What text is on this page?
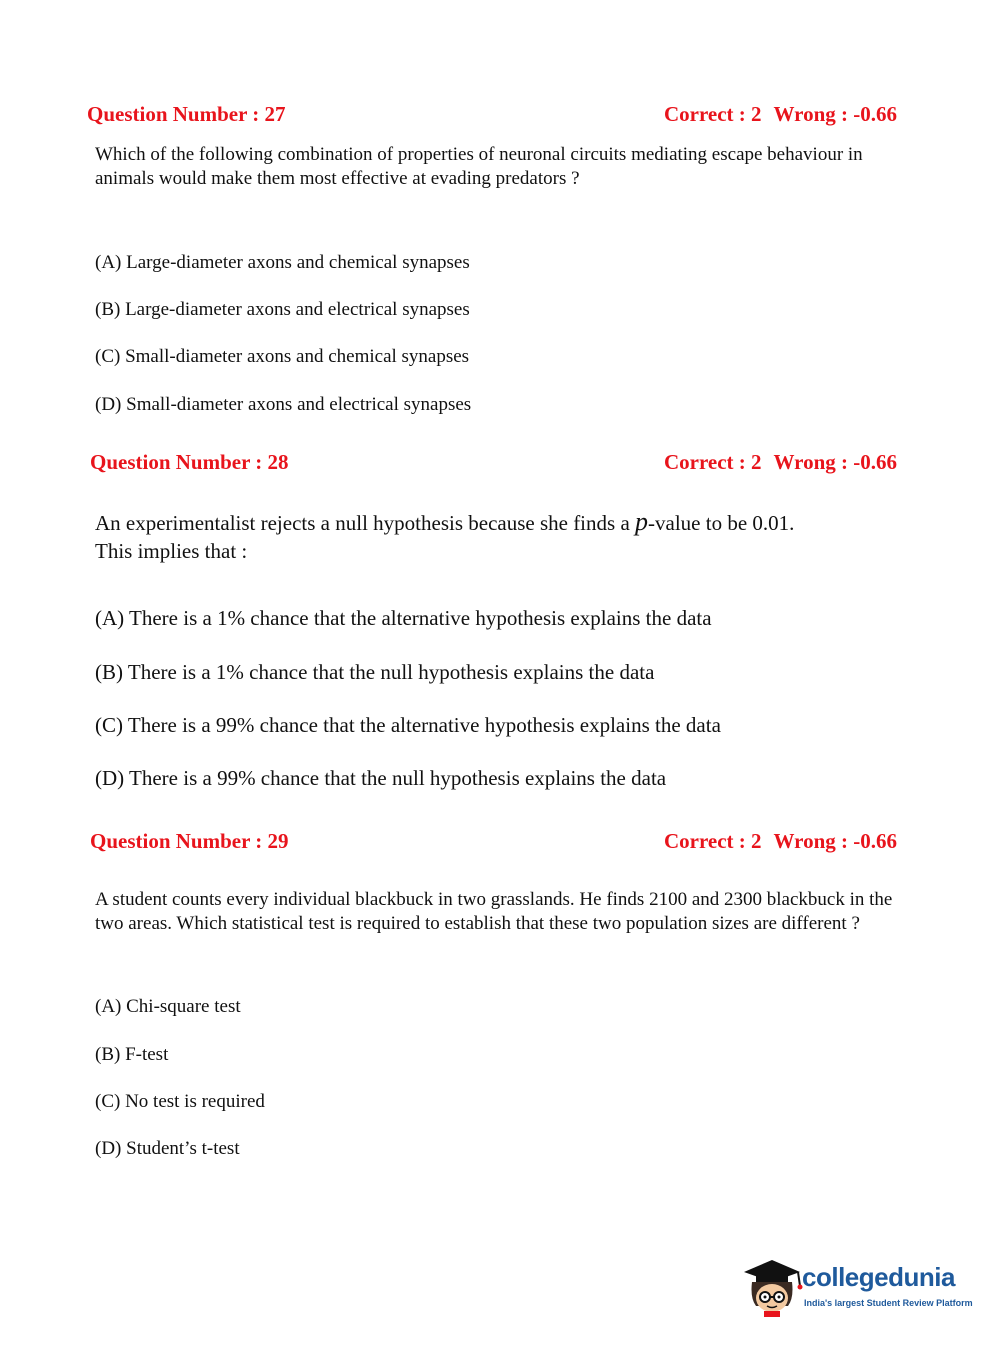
Question Number : 27	Correct : 2 Wrong : -0.66
Which of the following combination of properties of neuronal circuits mediating escape behaviour in animals would make them most effective at evading predators ?
(A) Large-diameter axons and chemical synapses
(B) Large-diameter axons and electrical synapses
(C) Small-diameter axons and chemical synapses
(D) Small-diameter axons and electrical synapses
Question Number : 28	Correct : 2 Wrong : -0.66
An experimentalist rejects a null hypothesis because she finds a p-value to be 0.01.
This implies that :
(A) There is a 1% chance that the alternative hypothesis explains the data
(B) There is a 1% chance that the null hypothesis explains the data
(C) There is a 99% chance that the alternative hypothesis explains the data
(D) There is a 99% chance that the null hypothesis explains the data
Question Number : 29	Correct : 2 Wrong : -0.66
A student counts every individual blackbuck in two grasslands. He finds 2100 and 2300 blackbuck in the two areas. Which statistical test is required to establish that these two population sizes are different ?
(A) Chi-square test
(B) F-test
(C) No test is required
(D) Student’s t-test
collegedunia
India's largest Student Review Platform
